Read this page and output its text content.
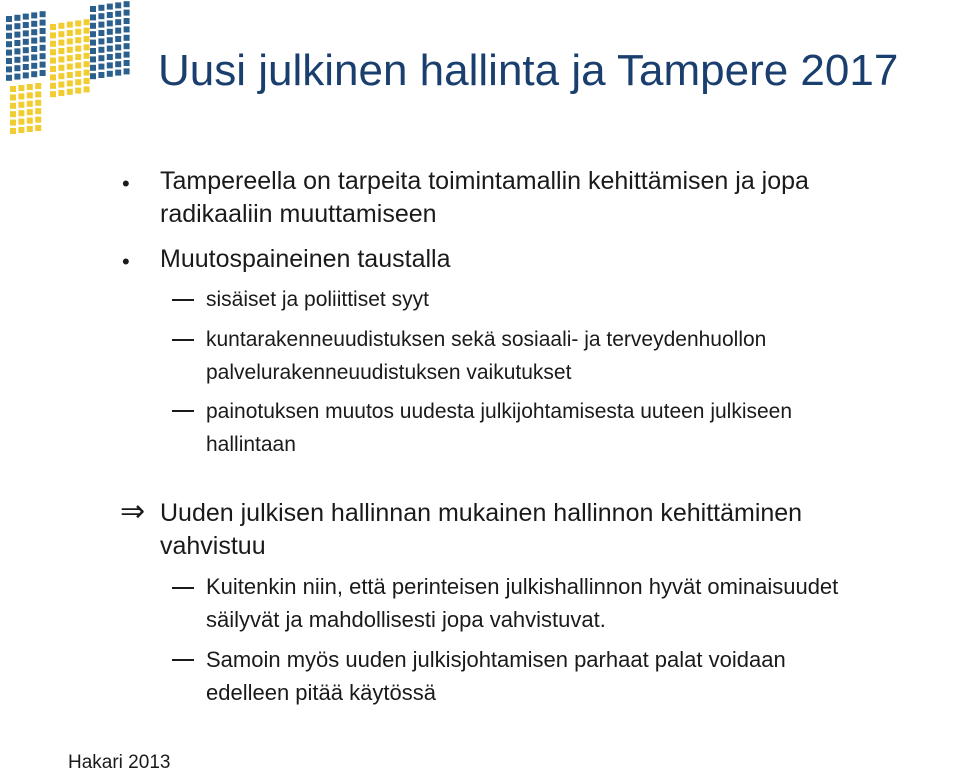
Uusi julkinen hallinta ja Tampere 2017
• Tampereella on tarpeita toimintamallin kehittämisen ja jopa
radikaaliin muuttamiseen
• Muutospaineinen taustalla
sisäiset ja poliittiset syyt
kuntarakenneuudistuksen sekä sosiaali- ja terveydenhuollon
palvelurakenneuudistuksen vaikutukset
painotuksen muutos uudesta julkijohtamisesta uuteen julkiseen
hallintaan
⇒ Uuden julkisen hallinnan mukainen hallinnon kehittäminen
vahvistuu
Kuitenkin niin, että perinteisen julkishallinnon hyvät ominaisuudet
säilyvät ja mahdollisesti jopa vahvistuvat.
Samoin myös uuden julkisjohtamisen parhaat palat voidaan
edelleen pitää käytössä
Hakari 2013
